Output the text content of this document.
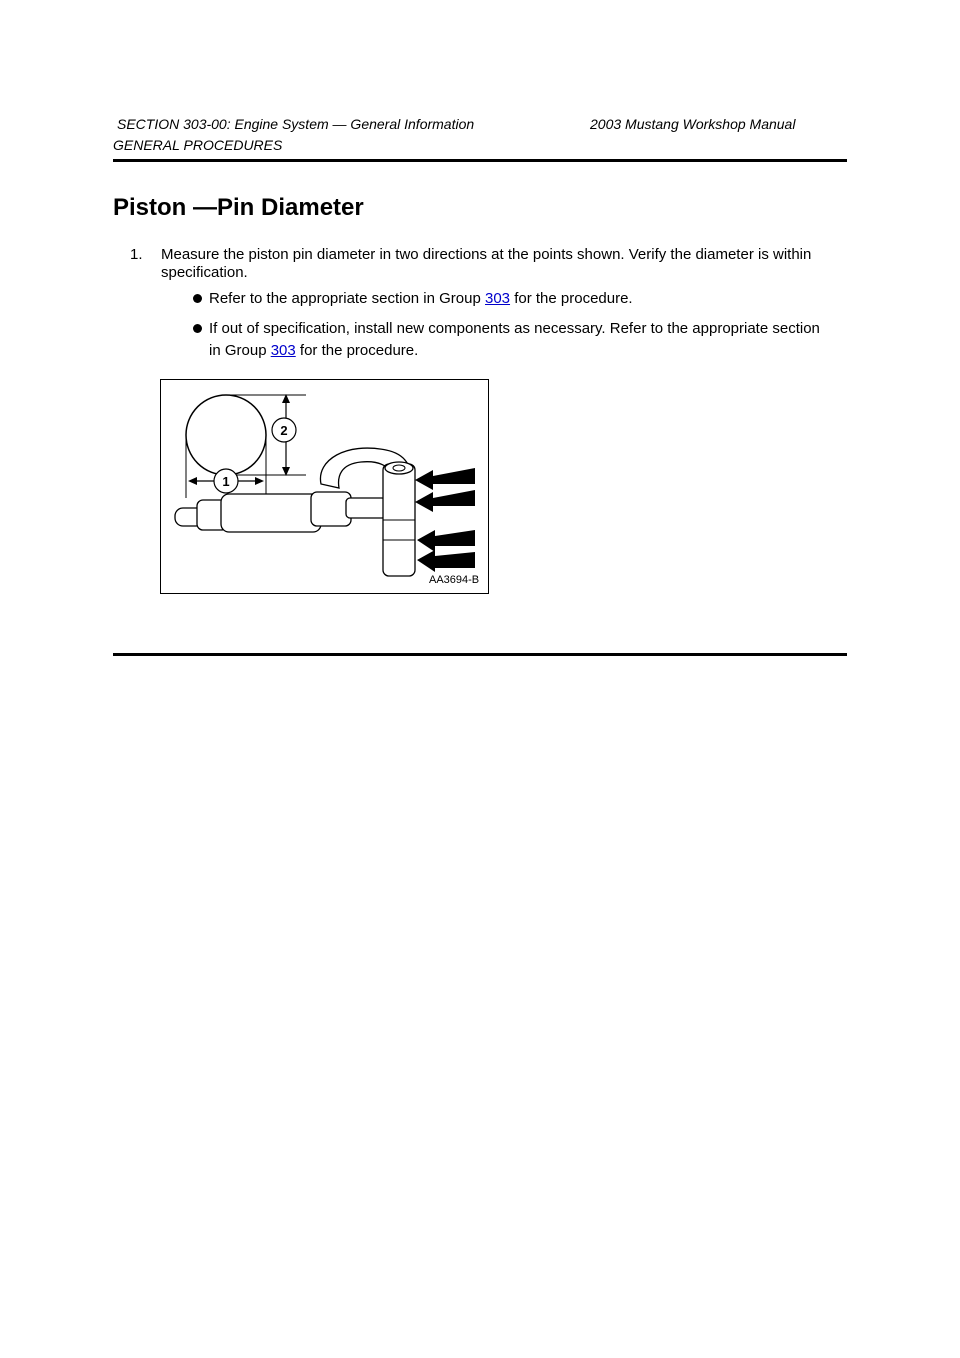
SECTION 303-00: Engine System — General Information	2003 Mustang Workshop Manual
GENERAL PROCEDURES
Piston —Pin Diameter
1. Measure the piston pin diameter in two directions at the points shown. Verify the diameter is within specification.
Refer to the appropriate section in Group 303 for the procedure.
If out of specification, install new components as necessary. Refer to the appropriate section in Group 303 for the procedure.
1
2
AA3694-B
